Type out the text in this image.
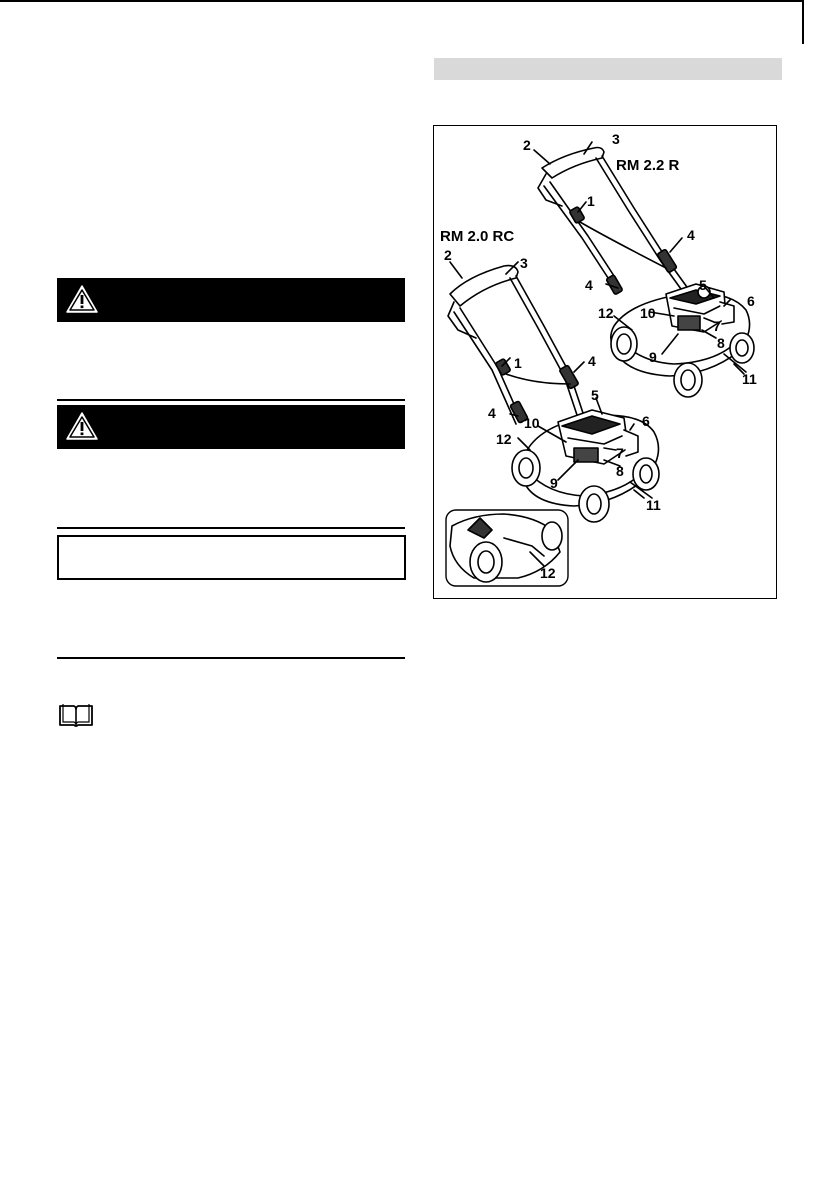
RM 2.2 R
RM 2.0 RC
1
2	3
4
4	5
6
7
8
9
10
11
12
1
2	3
4
4
5
6
7
8
9
10
11
12
12
